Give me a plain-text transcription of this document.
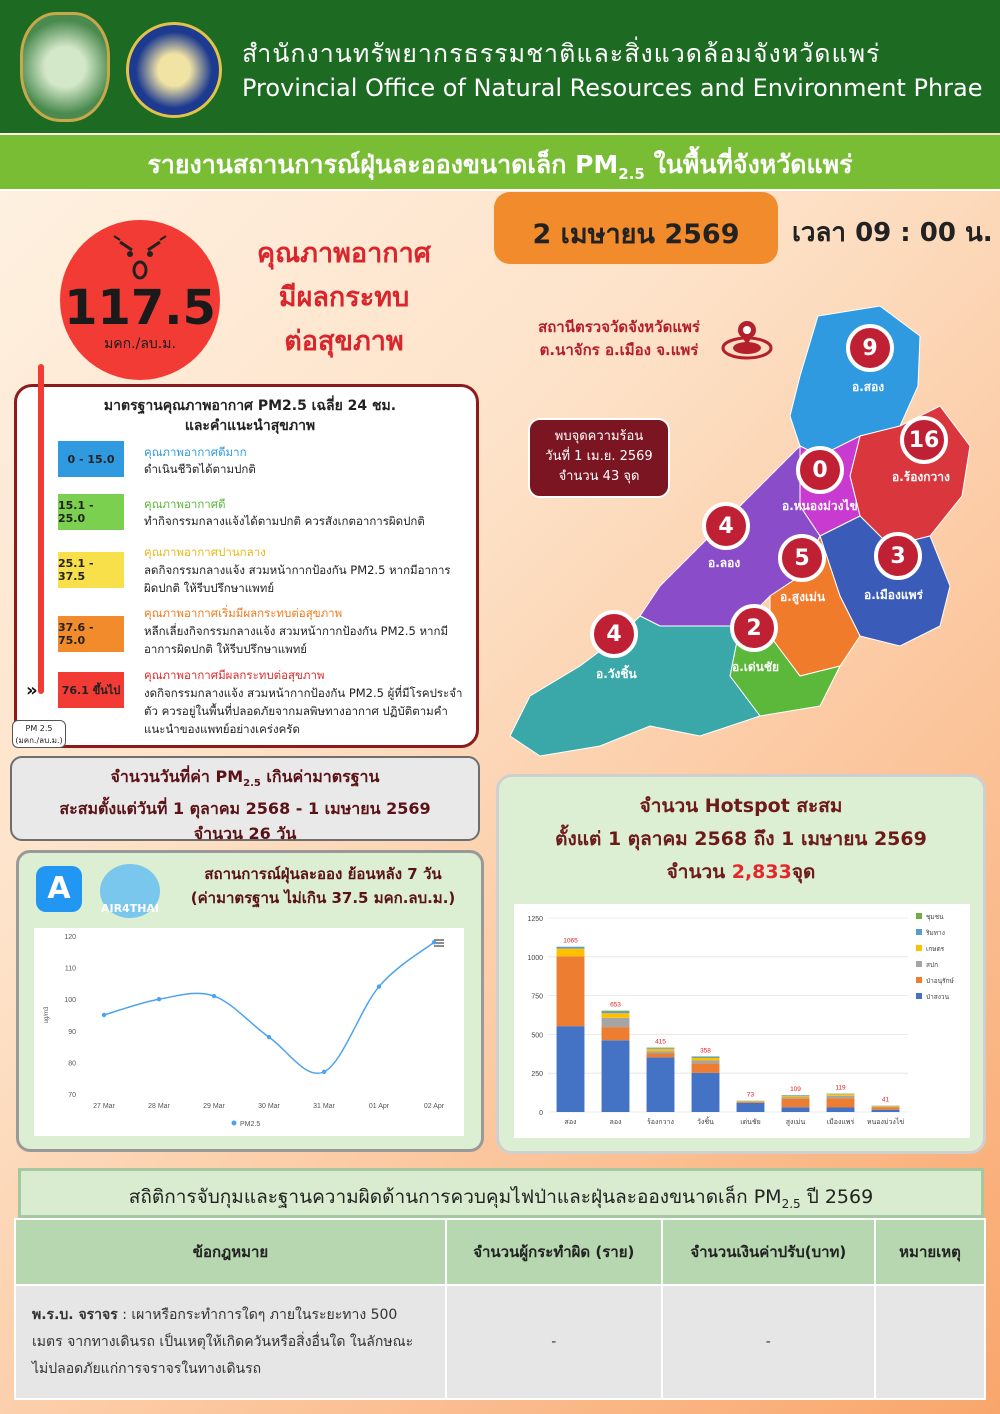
สำนักงานทรัพยากรธรรมชาติและสิ่งแวดล้อมจังหวัดแพร่
Provincial Office of Natural Resources and Environment Phrae
รายงานสถานการณ์ฝุ่นละอองขนาดเล็ก $PM_{2.5}$ ในพื้นที่จังหวัดแพร่
2 เมษายน 2569	เวลา 09 : 00 น.
117.5
มคก./ลบ.ม.
คุณภาพอากาศ
มีผลกระทบ
ต่อสุขภาพ
มาตรฐานคุณภาพอากาศ PM2.5 เฉลี่ย 24 ชม.
และคำแนะนำสุขภาพ
0 - 15.0	คุณภาพอากาศดีมาก
ดำเนินชีวิตได้ตามปกติ
15.1 - 25.0
คุณภาพอากาศดี
ทำกิจกรรมกลางแจ้งได้ตามปกติ ควรสังเกตอาการผิดปกติ
25.1 - 37.5
คุณภาพอากาศปานกลาง
ลดกิจกรรมกลางแจ้ง สวมหน้ากากป้องกัน PM2.5 หากมีอาการผิดปกติ ให้รีบปรึกษาแพทย์
37.6 - 75.0
คุณภาพอากาศเริ่มมีผลกระทบต่อสุขภาพ
หลีกเลี่ยงกิจกรรมกลางแจ้ง สวมหน้ากากป้องกัน PM2.5 หากมีอาการผิดปกติ ให้รีบปรึกษาแพทย์
76.1 ขึ้นไป
คุณภาพอากาศมีผลกระทบต่อสุขภาพ
งดกิจกรรมกลางแจ้ง สวมหน้ากากป้องกัน PM2.5 ผู้ที่มีโรคประจำตัว ควรอยู่ในพื้นที่ปลอดภัยจากมลพิษทางอากาศ ปฏิบัติตามคำแนะนำของแพทย์อย่างเคร่งครัด
»
PM 2.5
(มคก./ลบ.ม.)
สถานีตรวจวัดจังหวัดแพร่
ต.นาจักร อ.เมือง จ.แพร่
พบจุดความร้อน
วันที่ 1 เม.ย. 2569
จำนวน 43 จุด
9
อ.สอง
16
อ.ร้องกวาง
0
อ.หนองม่วงไข่
4
อ.ลอง	5
อ.สูงเม่น
3
อ.เมืองแพร่
2
อ.เด่นชัย
4
อ.วังชิ้น
จำนวนวันที่ค่า $PM_{2.5}$ เกินค่ามาตรฐาน
สะสมตั้งแต่วันที่ 1 ตุลาคม 2568 - 1 เมษายน 2569
จำนวน 26 วัน
จำนวน Hotspot สะสม
ตั้งแต่ 1 ตุลาคม 2568 ถึง 1 เมษายน 2569
จำนวน 2,833จุด
0
250
500
750
1000
1250
1065
สอง
653
ลอง
415
ร้องกวาง
358
วังชิ้น
73
เด่นชัย
109
สูงเม่น
119
เมืองแพร่
41
หนองม่วงไข่
ชุมชน
ริมทาง
เกษตร
สปก
ป่าอนุรักษ์
ป่าสงวน
A
AIR4THAI
สถานการณ์ฝุ่นละออง ย้อนหลัง 7 วัน
(ค่ามาตรฐาน ไม่เกิน 37.5 มคก.ลบ.ม.)
70
80
90
100
110
120
ug/m3
27 Mar	28 Mar	29 Mar	30 Mar	31 Mar	01 Apr	02 Apr
PM2.5
สถิติการจับกุมและฐานความผิดด้านการควบคุมไฟป่าและฝุ่นละอองขนาดเล็ก $PM_{2.5}$ ปี 2569
ข้อกฎหมาย	จำนวนผู้กระทำผิด (ราย)	จำนวนเงินค่าปรับ(บาท)	หมายเหตุ
พ.ร.บ. จราจร : เผาหรือกระทำการใดๆ ภายในระยะทาง 500 เมตร จากทางเดินรถ เป็นเหตุให้เกิดควันหรือสิ่งอื่นใด ในลักษณะไม่ปลอดภัยแก่การจราจรในทางเดินรถ	-	-	
